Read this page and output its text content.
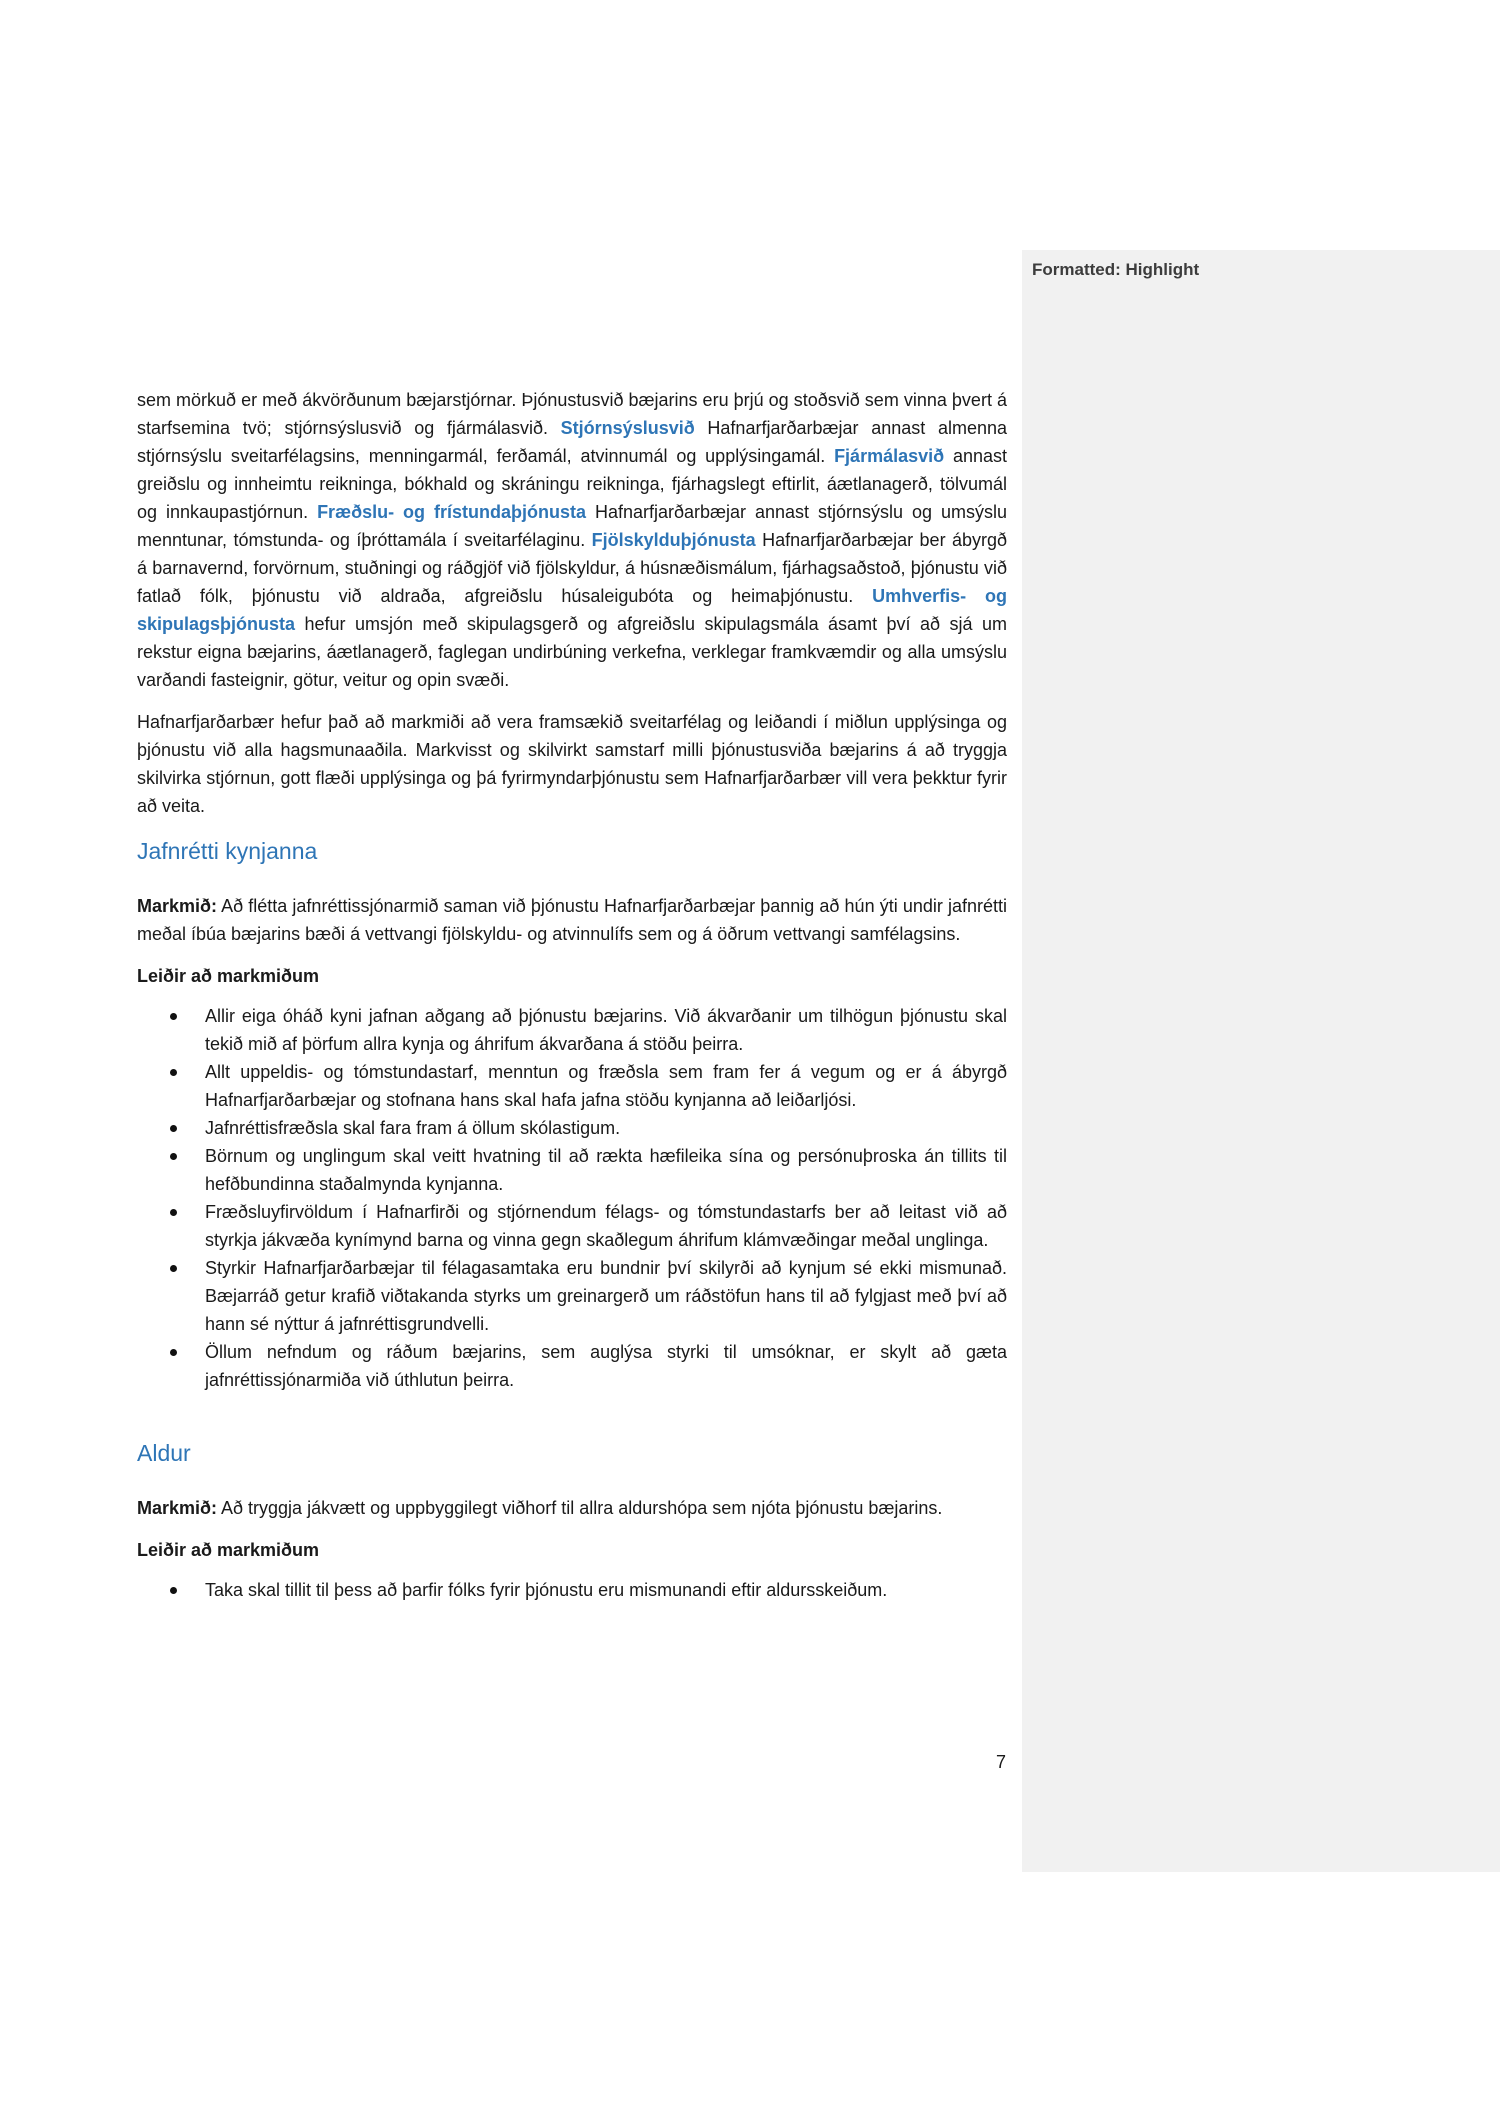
Formatted: Highlight

sem mörkuð er með ákvörðunum bæjarstjórnar. Þjónustusvið bæjarins eru þrjú og stoðsvið sem vinna þvert á starfsemina tvö; stjórnsýslusvið og fjármálasvið. Stjórnsýslusvið Hafnarfjarðarbæjar annast almenna stjórnsýslu sveitarfélagsins, menningarmál, ferðamál, atvinnumál og upplýsingamál. Fjármálasvið annast greiðslu og innheimtu reikninga, bókhald og skráningu reikninga, fjárhagslegt eftirlit, áætlanagerð, tölvumál og innkaupastjórnun. Fræðslu- og frístundaþjónusta Hafnarfjarðarbæjar annast stjórnsýslu og umsýslu menntunar, tómstunda- og íþróttamála í sveitarfélaginu. Fjölskylduþjónusta Hafnarfjarðarbæjar ber ábyrgð á barnavernd, forvörnum, stuðningi og ráðgjöf við fjölskyldur, á húsnæðismálum, fjárhagsaðstoð, þjónustu við fatlað fólk, þjónustu við aldraða, afgreiðslu húsaleigubóta og heimaþjónustu. Umhverfis- og skipulagsþjónusta hefur umsjón með skipulagsgerð og afgreiðslu skipulagsmála ásamt því að sjá um rekstur eigna bæjarins, áætlanagerð, faglegan undirbúning verkefna, verklegar framkvæmdir og alla umsýslu varðandi fasteignir, götur, veitur og opin svæði.

Hafnarfjarðarbær hefur það að markmiði að vera framsækið sveitarfélag og leiðandi í miðlun upplýsinga og þjónustu við alla hagsmunaaðila. Markvisst og skilvirkt samstarf milli þjónustusviða bæjarins á að tryggja skilvirka stjórnun, gott flæði upplýsinga og þá fyrirmyndarþjónustu sem Hafnarfjarðarbær vill vera þekktur fyrir að veita.

Jafnrétti kynjanna

Markmið: Að flétta jafnréttissjónarmið saman við þjónustu Hafnarfjarðarbæjar þannig að hún ýti undir jafnrétti meðal íbúa bæjarins bæði á vettvangi fjölskyldu- og atvinnulífs sem og á öðrum vettvangi samfélagsins.

Leiðir að markmiðum
Allir eiga óháð kyni jafnan aðgang að þjónustu bæjarins. Við ákvarðanir um tilhögun þjónustu skal tekið mið af þörfum allra kynja og áhrifum ákvarðana á stöðu þeirra.
Allt uppeldis- og tómstundastarf, menntun og fræðsla sem fram fer á vegum og er á ábyrgð Hafnarfjarðarbæjar og stofnana hans skal hafa jafna stöðu kynjanna að leiðarljósi.
Jafnréttisfræðsla skal fara fram á öllum skólastigum.
Börnum og unglingum skal veitt hvatning til að rækta hæfileika sína og persónuþroska án tillits til hefðbundinna staðalmynda kynjanna.
Fræðsluyfirvöldum í Hafnarfirði og stjórnendum félags- og tómstundastarfs ber að leitast við að styrkja jákvæða kynímynd barna og vinna gegn skaðlegum áhrifum klámvæðingar meðal unglinga.
Styrkir Hafnarfjarðarbæjar til félagasamtaka eru bundnir því skilyrði að kynjum sé ekki mismunað. Bæjarráð getur krafið viðtakanda styrks um greinargerð um ráðstöfun hans til að fylgjast með því að hann sé nýttur á jafnréttisgrundvelli.
Öllum nefndum og ráðum bæjarins, sem auglýsa styrki til umsóknar, er skylt að gæta jafnréttissjónarmiða við úthlutun þeirra.
Aldur

Markmið: Að tryggja jákvætt og uppbyggilegt viðhorf til allra aldurshópa sem njóta þjónustu bæjarins.

Leiðir að markmiðum
Taka skal tillit til þess að þarfir fólks fyrir þjónustu eru mismunandi eftir aldursskeiðum.
7
